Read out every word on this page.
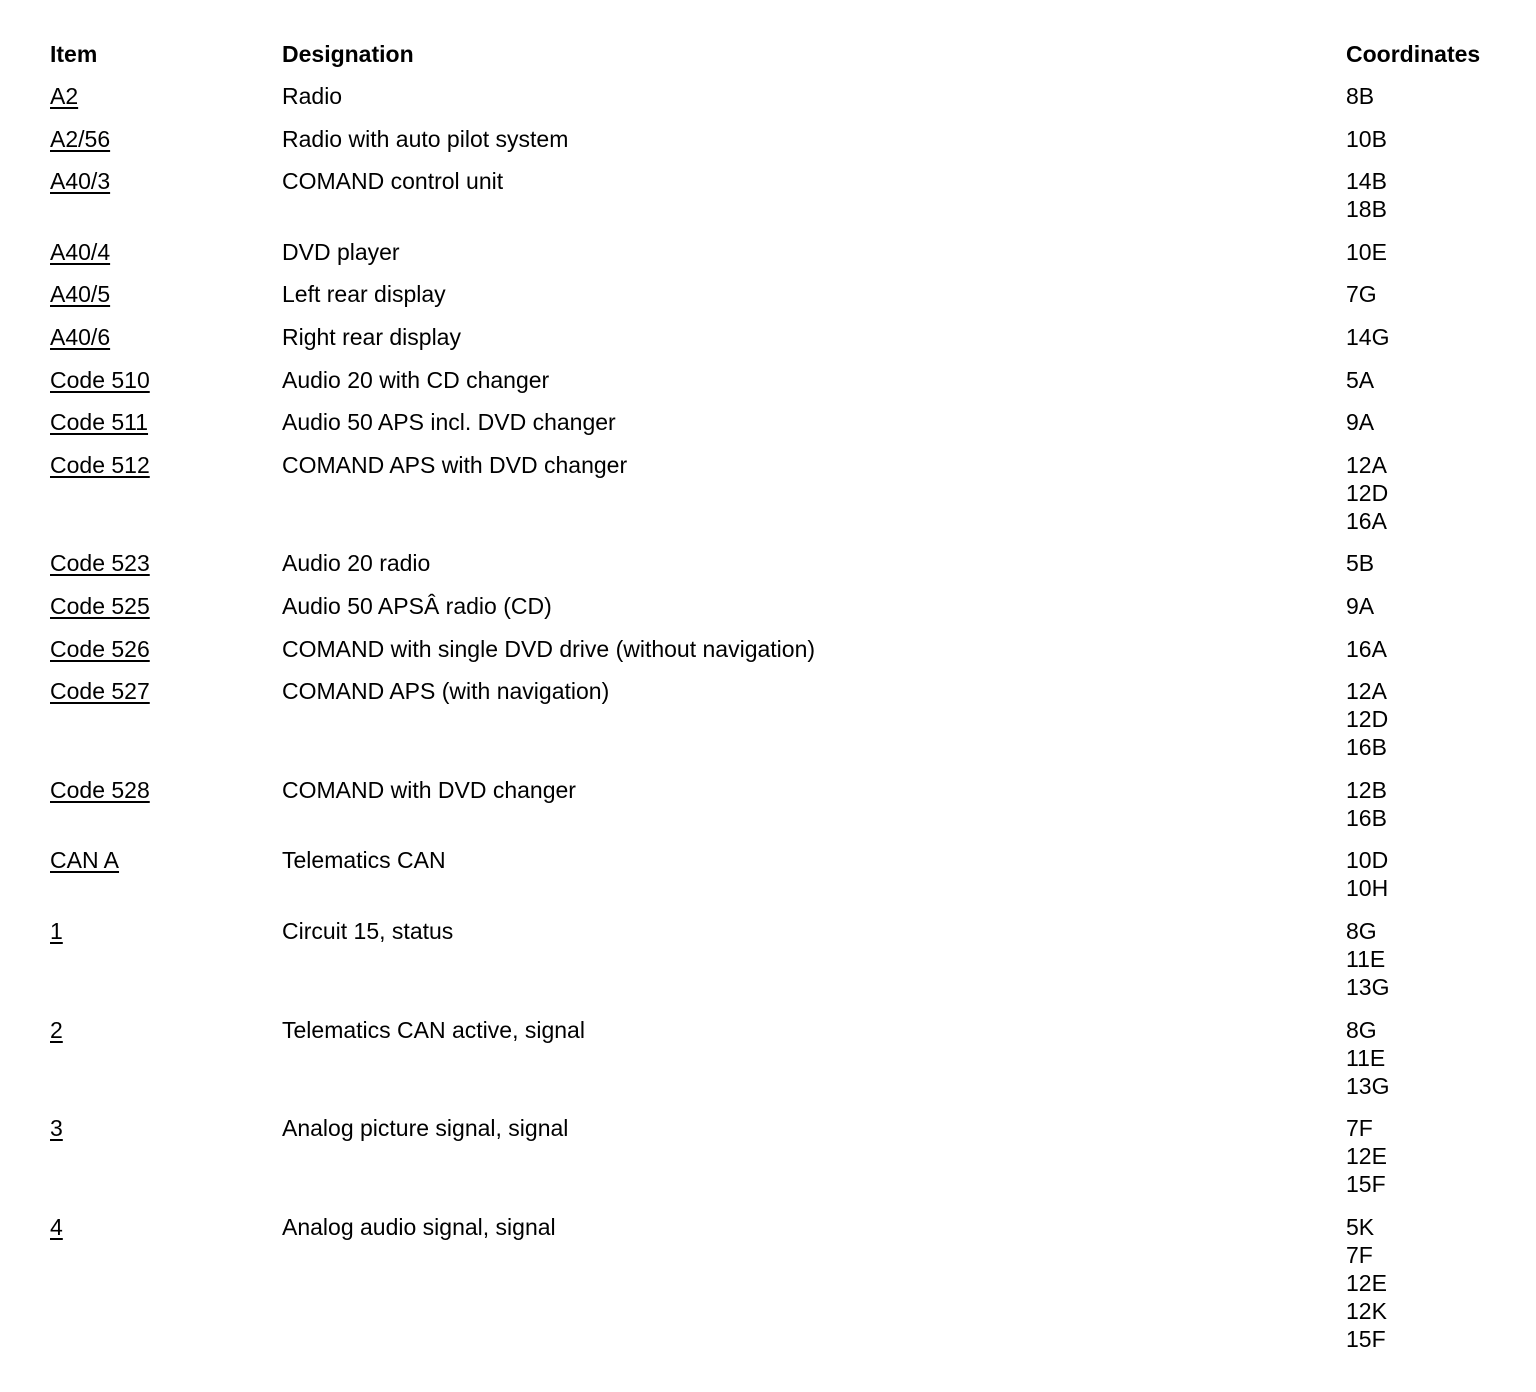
Item	Designation	Coordinates
A2	Radio	8B

A2/56	Radio with auto pilot system	10B

A40/3	COMAND control unit	14B
18B

A40/4	DVD player	10E

A40/5	Left rear display	7G

A40/6	Right rear display	14G

Code 510	Audio 20 with CD changer	5A

Code 511	Audio 50 APS incl. DVD changer	9A

Code 512	COMAND APS with DVD changer	12A
12D
16A

Code 523	Audio 20 radio	5B

Code 525	Audio 50 APSÂ radio (CD)	9A

Code 526	COMAND with single DVD drive (without navigation)	16A

Code 527	COMAND APS (with navigation)	12A
12D
16B

Code 528	COMAND with DVD changer	12B
16B

CAN A	Telematics CAN	10D
10H

1	Circuit 15, status	8G
11E
13G

2	Telematics CAN active, signal	8G
11E
13G

3	Analog picture signal, signal	7F
12E
15F

4	Analog audio signal, signal	5K
7F
12E
12K
15F
